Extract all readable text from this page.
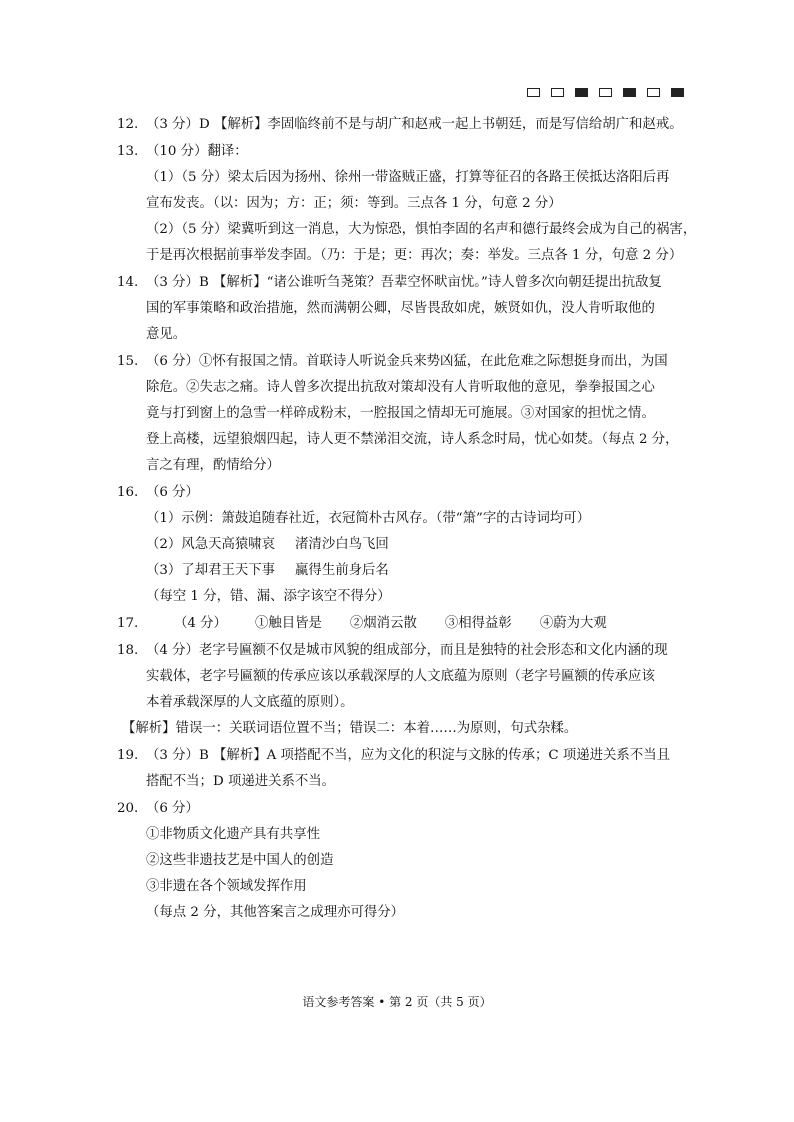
12. （3 分）D 【解析】李固临终前不是与胡广和赵戒一起上书朝廷，而是写信给胡广和赵戒。
13. （10 分）翻译：
（1）（5 分）梁太后因为扬州、徐州一带盗贼正盛，打算等征召的各路王侯抵达洛阳后再
宣布发丧。（以：因为；方：正；须：等到。三点各 1 分，句意 2 分）
（2）（5 分）梁冀听到这一消息，大为惊恐，惧怕李固的名声和德行最终会成为自己的祸害，
于是再次根据前事举发李固。（乃：于是；更：再次；奏：举发。三点各 1 分，句意 2 分）
14. （3 分）B 【解析】“诸公谁听刍荛策？吾辈空怀畎亩忧。”诗人曾多次向朝廷提出抗敌复
国的军事策略和政治措施，然而满朝公卿，尽皆畏敌如虎，嫉贤如仇，没人肯听取他的
意见。
15. （6 分）①怀有报国之情。首联诗人听说金兵来势凶猛，在此危难之际想挺身而出，为国
除危。②失志之痛。诗人曾多次提出抗敌对策却没有人肯听取他的意见，拳拳报国之心
竟与打到窗上的急雪一样碎成粉末，一腔报国之情却无可施展。③对国家的担忧之情。
登上高楼，远望狼烟四起，诗人更不禁涕泪交流，诗人系念时局，忧心如焚。（每点 2 分，
言之有理，酌情给分）
16. （6 分）
（1）示例：箫鼓追随春社近，衣冠简朴古风存。（带“箫”字的古诗词均可）
（2）风急天高猿啸哀 渚清沙白鸟飞回
（3）了却君王天下事 赢得生前身后名
（每空 1 分，错、漏、添字该空不得分）
17.	（4 分） ①触目皆是 ②烟消云散 ③相得益彰 ④蔚为大观
18. （4 分）老字号匾额不仅是城市风貌的组成部分，而且是独特的社会形态和文化内涵的现
实载体，老字号匾额的传承应该以承载深厚的人文底蕴为原则（老字号匾额的传承应该
本着承载深厚的人文底蕴的原则）。
【解析】错误一：关联词语位置不当；错误二：本着……为原则，句式杂糅。
19. （3 分）B 【解析】A 项搭配不当，应为文化的积淀与文脉的传承；C 项递进关系不当且
搭配不当；D 项递进关系不当。
20. （6 分）
①非物质文化遗产具有共享性
②这些非遗技艺是中国人的创造
③非遗在各个领域发挥作用
（每点 2 分，其他答案言之成理亦可得分）
语文参考答案 • 第 2 页（共 5 页）
